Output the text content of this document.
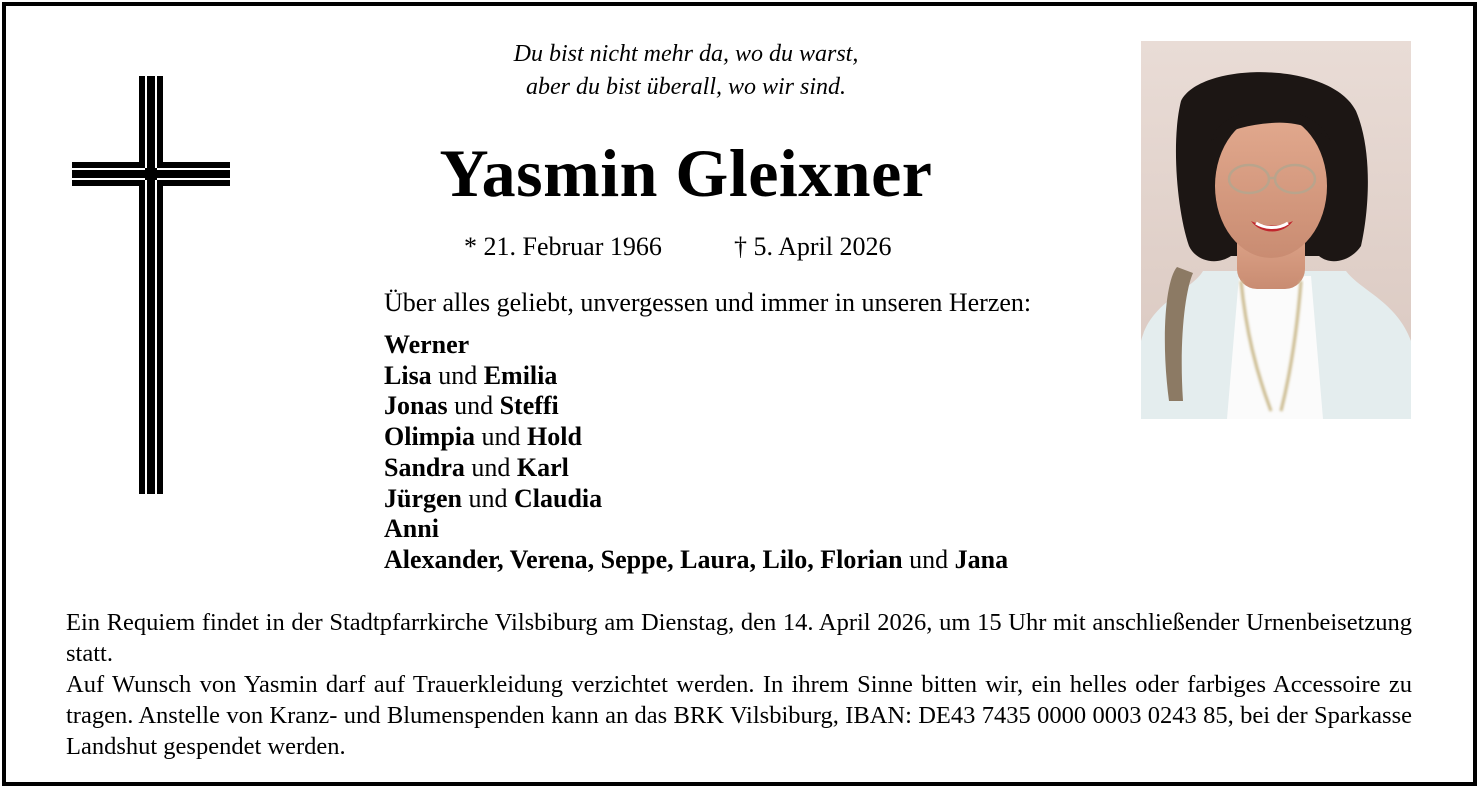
Du bist nicht mehr da, wo du warst,
aber du bist überall, wo wir sind.
Yasmin Gleixner
* 21. Februar 1966	† 5. April 2026
Über alles geliebt, unvergessen und immer in unseren Herzen:
Werner
Lisa und Emilia
Jonas und Steffi
Olimpia und Hold
Sandra und Karl
Jürgen und Claudia
Anni
Alexander, Verena, Seppe, Laura, Lilo, Florian und Jana

Ein Requiem findet in der Stadtpfarrkirche Vilsbiburg am Dienstag, den 14. April 2026, um 15 Uhr mit anschließender Urnenbeisetzung statt.

Auf Wunsch von Yasmin darf auf Trauerkleidung verzichtet werden. In ihrem Sinne bitten wir, ein helles oder farbiges Accessoire zu tragen. Anstelle von Kranz- und Blumenspenden kann an das BRK Vilsbiburg, IBAN: DE43 7435 0000 0003 0243 85, bei der Sparkasse Landshut gespendet werden.
